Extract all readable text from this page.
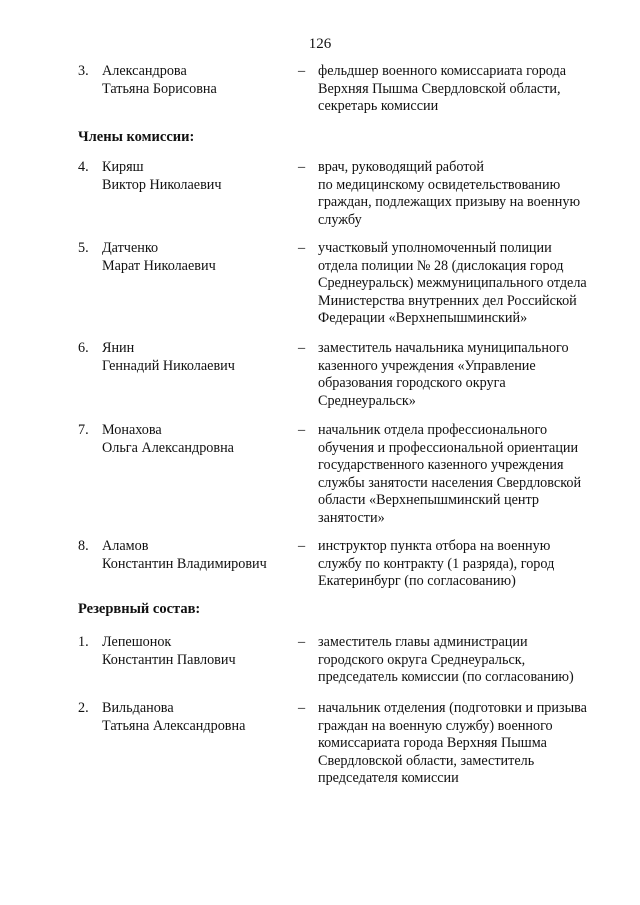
126
3. Александрова
Татьяна Борисовна
– фельдшер военного комиссариата города
Верхняя Пышма Свердловской области,
секретарь комиссии
Члены комиссии:
4. Киряш
Виктор Николаевич
– врач, руководящий работой
по медицинскому освидетельствованию
граждан, подлежащих призыву на военную
службу
5. Датченко
Марат Николаевич
– участковый уполномоченный полиции
отдела полиции № 28 (дислокация город
Среднеуральск) межмуниципального отдела
Министерства внутренних дел Российской
Федерации «Верхнепышминский»
6. Янин
Геннадий Николаевич
– заместитель начальника муниципального
казенного учреждения «Управление
образования городского округа
Среднеуральск»
7. Монахова
Ольга Александровна
– начальник отдела профессионального
обучения и профессиональной ориентации
государственного казенного учреждения
службы занятости населения Свердловской
области «Верхнепышминский центр
занятости»
8. Аламов
Константин Владимирович
– инструктор пункта отбора на военную
службу по контракту (1 разряда), город
Екатеринбург (по согласованию)
Резервный состав:
1. Лепешонок
Константин Павлович
– заместитель главы администрации
городского округа Среднеуральск,
председатель комиссии (по согласованию)
2. Вильданова
Татьяна Александровна
– начальник отделения (подготовки и призыва
граждан на военную службу) военного
комиссариата города Верхняя Пышма
Свердловской области, заместитель
председателя комиссии
